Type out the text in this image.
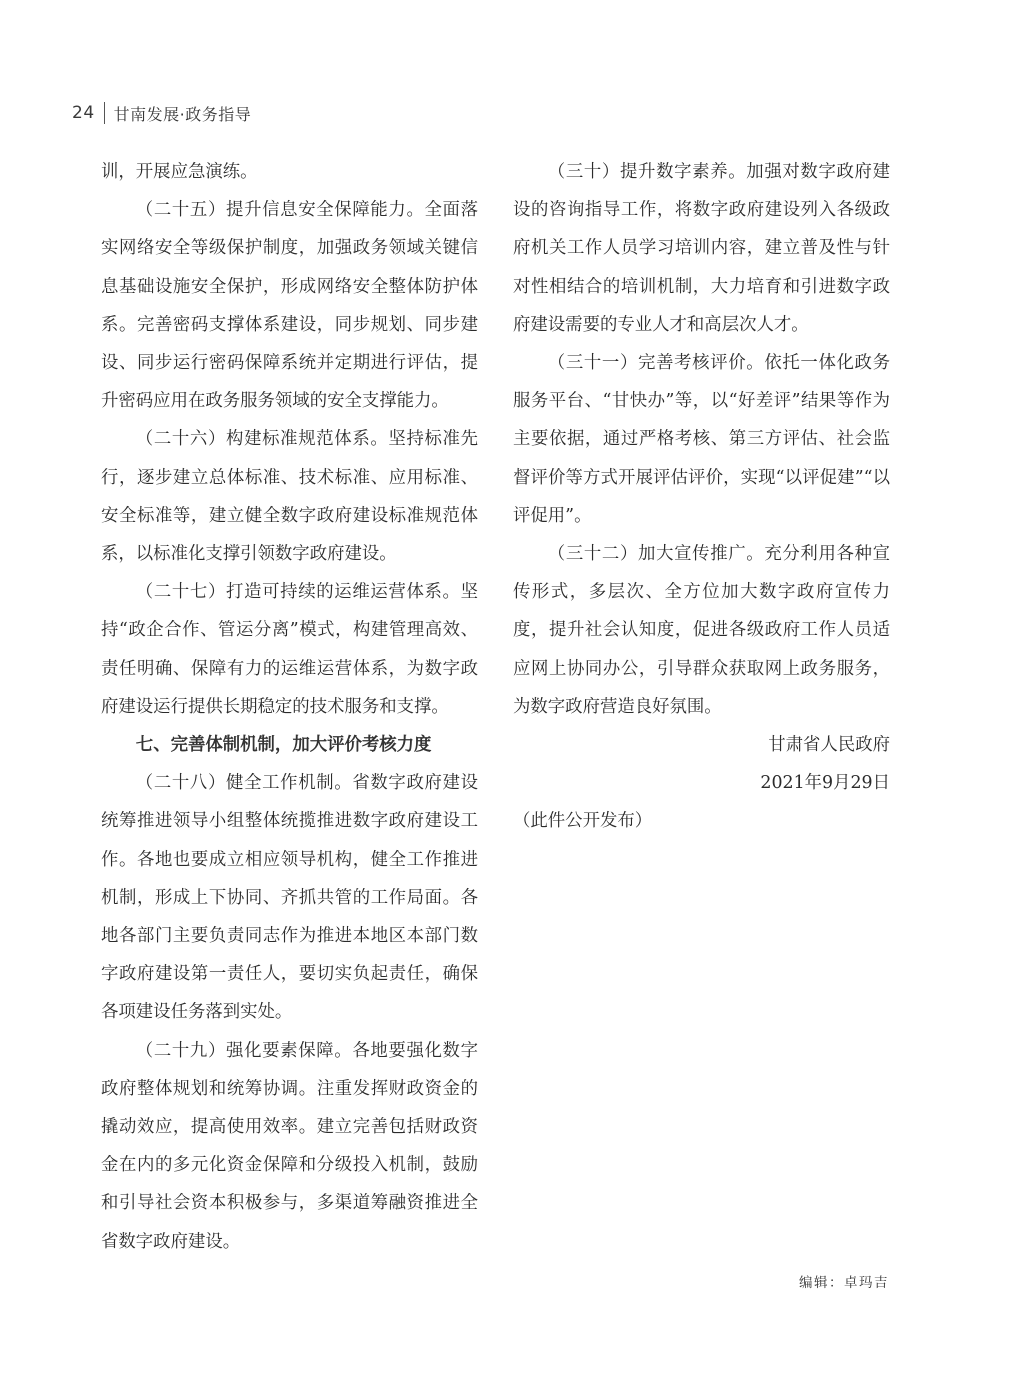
24 甘南发展·政务指导

训，开展应急演练。

（二十五）提升信息安全保障能力。全面落实网络安全等级保护制度，加强政务领域关键信息基础设施安全保护，形成网络安全整体防护体系。完善密码支撑体系建设，同步规划、同步建设、同步运行密码保障系统并定期进行评估，提升密码应用在政务服务领域的安全支撑能力。

（二十六）构建标准规范体系。坚持标准先行，逐步建立总体标准、技术标准、应用标准、安全标准等，建立健全数字政府建设标准规范体系，以标准化支撑引领数字政府建设。

（二十七）打造可持续的运维运营体系。坚持“政企合作、管运分离”模式，构建管理高效、责任明确、保障有力的运维运营体系，为数字政府建设运行提供长期稳定的技术服务和支撑。

七、完善体制机制，加大评价考核力度

（二十八）健全工作机制。省数字政府建设统筹推进领导小组整体统揽推进数字政府建设工作。各地也要成立相应领导机构，健全工作推进机制，形成上下协同、齐抓共管的工作局面。各地各部门主要负责同志作为推进本地区本部门数字政府建设第一责任人，要切实负起责任，确保各项建设任务落到实处。

（二十九）强化要素保障。各地要强化数字政府整体规划和统筹协调。注重发挥财政资金的撬动效应，提高使用效率。建立完善包括财政资金在内的多元化资金保障和分级投入机制，鼓励和引导社会资本积极参与，多渠道筹融资推进全省数字政府建设。

（三十）提升数字素养。加强对数字政府建设的咨询指导工作，将数字政府建设列入各级政府机关工作人员学习培训内容，建立普及性与针对性相结合的培训机制，大力培育和引进数字政府建设需要的专业人才和高层次人才。

（三十一）完善考核评价。依托一体化政务服务平台、“甘快办”等，以“好差评”结果等作为主要依据，通过严格考核、第三方评估、社会监督评价等方式开展评估评价，实现“以评促建”“以评促用”。

（三十二）加大宣传推广。充分利用各种宣传形式，多层次、全方位加大数字政府宣传力度，提升社会认知度，促进各级政府工作人员适应网上协同办公，引导群众获取网上政务服务，为数字政府营造良好氛围。

甘肃省人民政府

2021年9月29日

（此件公开发布）

编辑：卓玛吉
